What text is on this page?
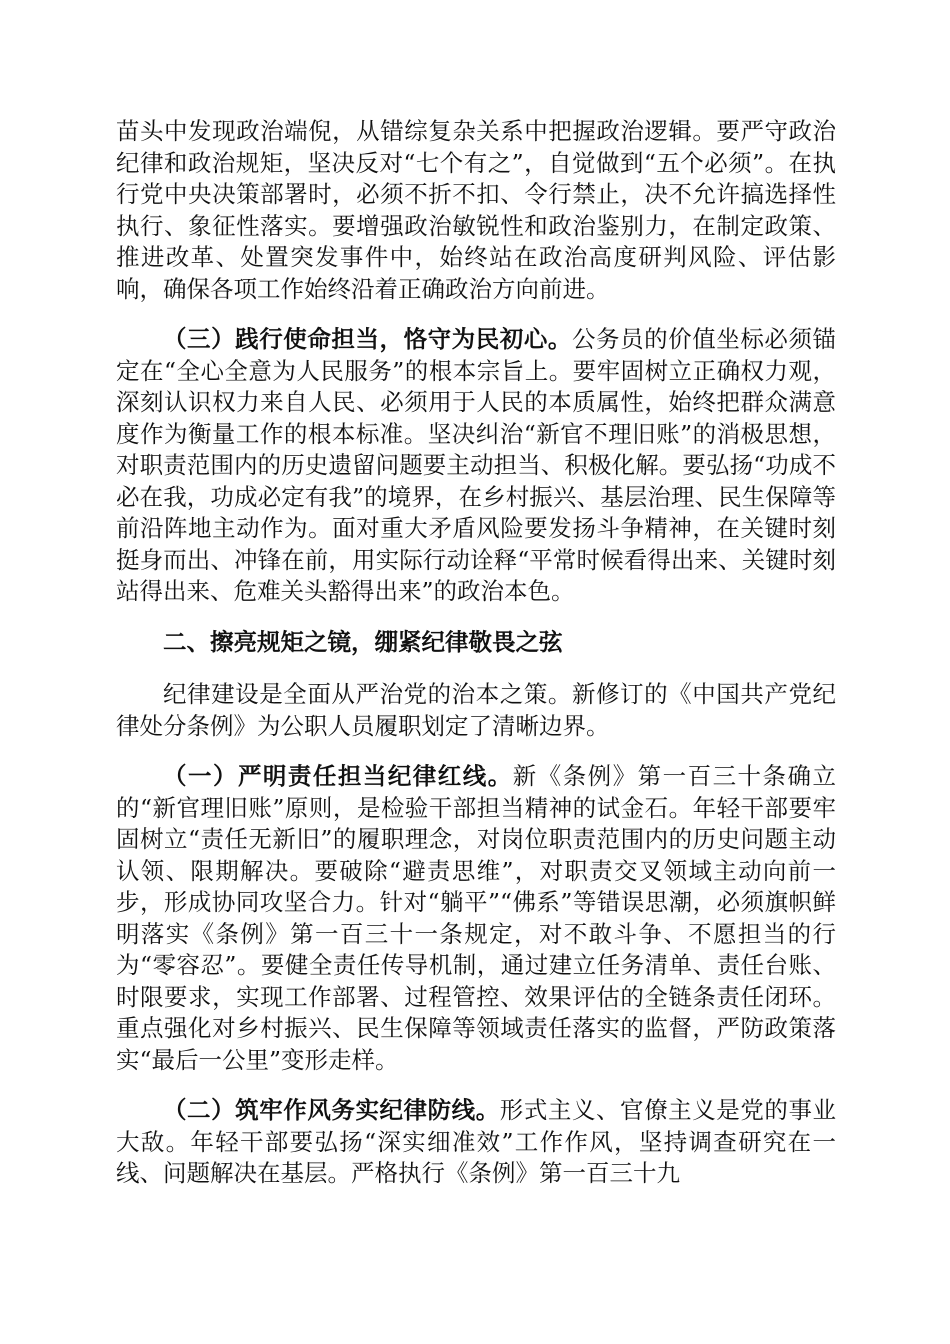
苗头中发现政治端倪，从错综复杂关系中把握政治逻辑。要严守政治纪律和政治规矩，坚决反对“七个有之”，自觉做到“五个必须”。在执行党中央决策部署时，必须不折不扣、令行禁止，决不允许搞选择性执行、象征性落实。要增强政治敏锐性和政治鉴别力，在制定政策、推进改革、处置突发事件中，始终站在政治高度研判风险、评估影响，确保各项工作始终沿着正确政治方向前进。

（三）践行使命担当，恪守为民初心。公务员的价值坐标必须锚定在“全心全意为人民服务”的根本宗旨上。要牢固树立正确权力观，深刻认识权力来自人民、必须用于人民的本质属性，始终把群众满意度作为衡量工作的根本标准。坚决纠治“新官不理旧账”的消极思想，对职责范围内的历史遗留问题要主动担当、积极化解。要弘扬“功成不必在我，功成必定有我”的境界，在乡村振兴、基层治理、民生保障等前沿阵地主动作为。面对重大矛盾风险要发扬斗争精神，在关键时刻挺身而出、冲锋在前，用实际行动诠释“平常时候看得出来、关键时刻站得出来、危难关头豁得出来”的政治本色。

二、擦亮规矩之镜，绷紧纪律敬畏之弦

纪律建设是全面从严治党的治本之策。新修订的《中国共产党纪律处分条例》为公职人员履职划定了清晰边界。

（一）严明责任担当纪律红线。新《条例》第一百三十条确立的“新官理旧账”原则，是检验干部担当精神的试金石。年轻干部要牢固树立“责任无新旧”的履职理念，对岗位职责范围内的历史问题主动认领、限期解决。要破除“避责思维”，对职责交叉领域主动向前一步，形成协同攻坚合力。针对“躺平”“佛系”等错误思潮，必须旗帜鲜明落实《条例》第一百三十一条规定，对不敢斗争、不愿担当的行为“零容忍”。要健全责任传导机制，通过建立任务清单、责任台账、时限要求，实现工作部署、过程管控、效果评估的全链条责任闭环。重点强化对乡村振兴、民生保障等领域责任落实的监督，严防政策落实“最后一公里”变形走样。

（二）筑牢作风务实纪律防线。形式主义、官僚主义是党的事业大敌。年轻干部要弘扬“深实细准效”工作作风，坚持调查研究在一线、问题解决在基层。严格执行《条例》第一百三十九
